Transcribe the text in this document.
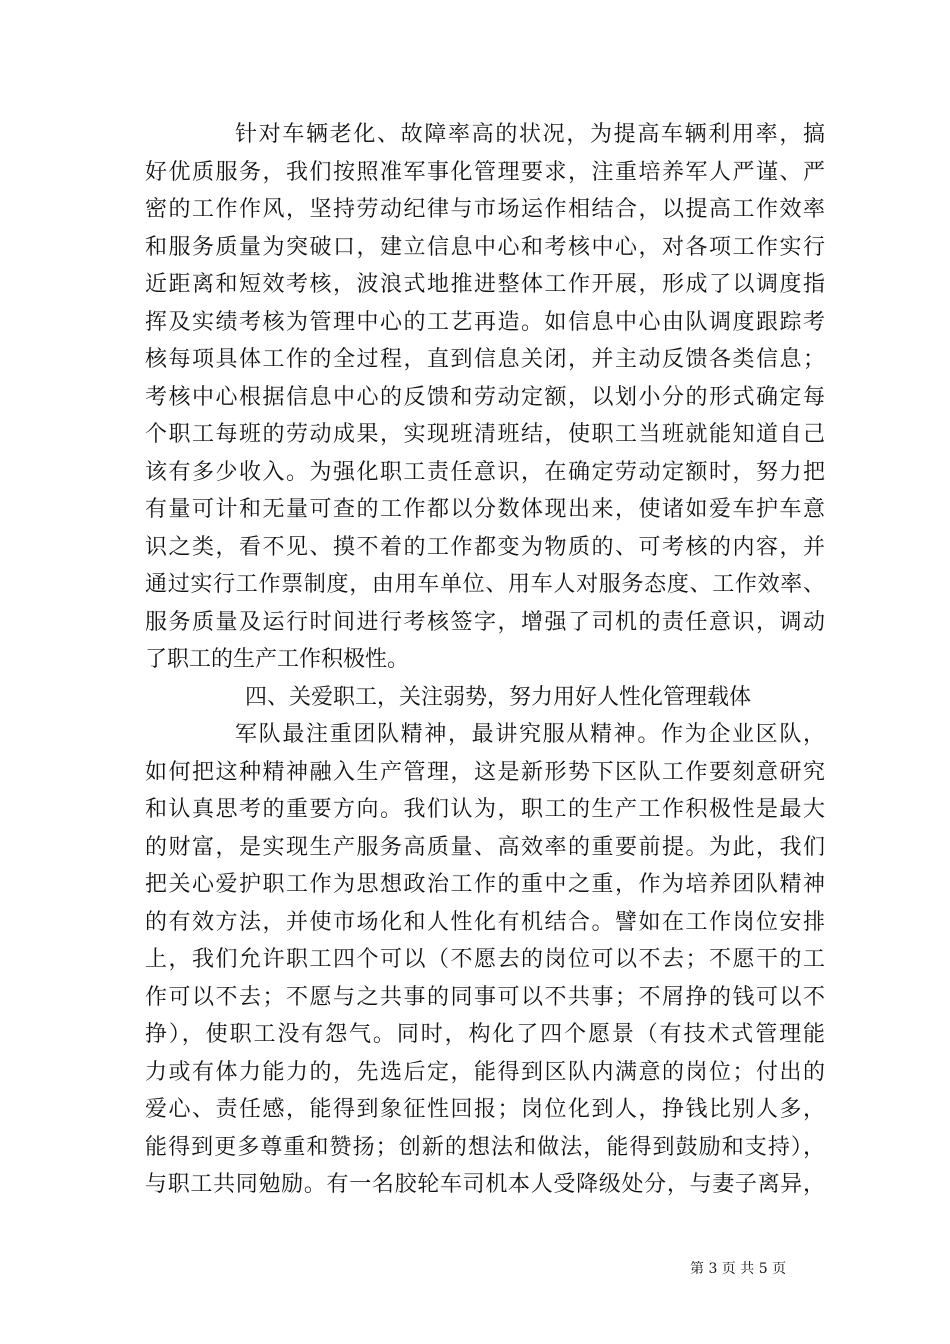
针对车辆老化、故障率高的状况，为提高车辆利用率，搞
好优质服务，我们按照准军事化管理要求，注重培养军人严谨、严
密的工作作风，坚持劳动纪律与市场运作相结合，以提高工作效率
和服务质量为突破口，建立信息中心和考核中心，对各项工作实行
近距离和短效考核，波浪式地推进整体工作开展，形成了以调度指
挥及实绩考核为管理中心的工艺再造。如信息中心由队调度跟踪考
核每项具体工作的全过程，直到信息关闭，并主动反馈各类信息；
考核中心根据信息中心的反馈和劳动定额，以划小分的形式确定每
个职工每班的劳动成果，实现班清班结，使职工当班就能知道自己
该有多少收入。为强化职工责任意识，在确定劳动定额时，努力把
有量可计和无量可查的工作都以分数体现出来，使诸如爱车护车意
识之类，看不见、摸不着的工作都变为物质的、可考核的内容，并
通过实行工作票制度，由用车单位、用车人对服务态度、工作效率、
服务质量及运行时间进行考核签字，增强了司机的责任意识，调动
了职工的生产工作积极性。
四、关爱职工，关注弱势，努力用好人性化管理载体
军队最注重团队精神，最讲究服从精神。作为企业区队，
如何把这种精神融入生产管理，这是新形势下区队工作要刻意研究
和认真思考的重要方向。我们认为，职工的生产工作积极性是最大
的财富，是实现生产服务高质量、高效率的重要前提。为此，我们
把关心爱护职工作为思想政治工作的重中之重，作为培养团队精神
的有效方法，并使市场化和人性化有机结合。譬如在工作岗位安排
上，我们允许职工四个可以（不愿去的岗位可以不去；不愿干的工
作可以不去；不愿与之共事的同事可以不共事；不屑挣的钱可以不
挣），使职工没有怨气。同时，构化了四个愿景（有技术式管理能
力或有体力能力的，先选后定，能得到区队内满意的岗位；付出的
爱心、责任感，能得到象征性回报；岗位化到人，挣钱比别人多，
能得到更多尊重和赞扬；创新的想法和做法，能得到鼓励和支持），
与职工共同勉励。有一名胶轮车司机本人受降级处分，与妻子离异，
第 3 页 共 5 页
